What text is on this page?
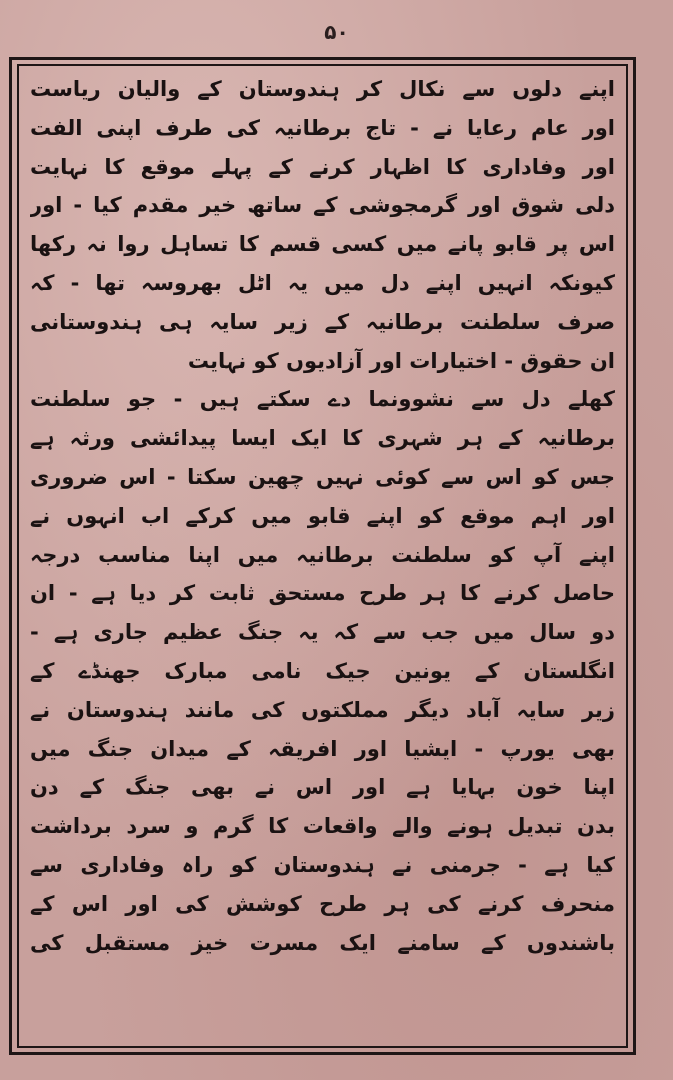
۵۰
اپنے دلوں سے نکال کر ہندوستان کے والیان ریاست
اور عام رعایا نے - تاج برطانیہ کی طرف اپنی الفت
اور وفاداری کا اظہار کرنے کے پہلے موقع کا نہایت
دلی شوق اور گرمجوشی کے ساتھ خیر مقدم کیا - اور
اس پر قابو پانے میں کسی قسم کا تساہل روا نہ رکھا
کیونکہ انہیں اپنے دل میں یہ اٹل بھروسہ تھا - کہ
صرف سلطنت برطانیہ کے زیر سایہ ہی ہندوستانی
ان حقوق - اختیارات اور آزادیوں کو نہایت
کھلے دل سے نشوونما دے سکتے ہیں - جو سلطنت
برطانیہ کے ہر شہری کا ایک ایسا پیدائشی ورثہ ہے
جس کو اس سے کوئی نہیں چھین سکتا - اس ضروری
اور اہم موقع کو اپنے قابو میں کرکے اب انہوں نے
اپنے آپ کو سلطنت برطانیہ میں اپنا مناسب درجہ
حاصل کرنے کا ہر طرح مستحق ثابت کر دیا ہے - ان
دو سال میں جب سے کہ یہ جنگ عظیم جاری ہے -
انگلستان کے یونین جیک نامی مبارک جھنڈے کے
زیر سایہ آباد دیگر مملکتوں کی مانند ہندوستان نے
بھی یورپ - ایشیا اور افریقہ کے میدان جنگ میں
اپنا خون بہایا ہے اور اس نے بھی جنگ کے دن
بدن تبدیل ہونے والے واقعات کا گرم و سرد برداشت
کیا ہے - جرمنی نے ہندوستان کو راہ وفاداری سے
منحرف کرنے کی ہر طرح کوشش کی اور اس کے
باشندوں کے سامنے ایک مسرت خیز مستقبل کی
